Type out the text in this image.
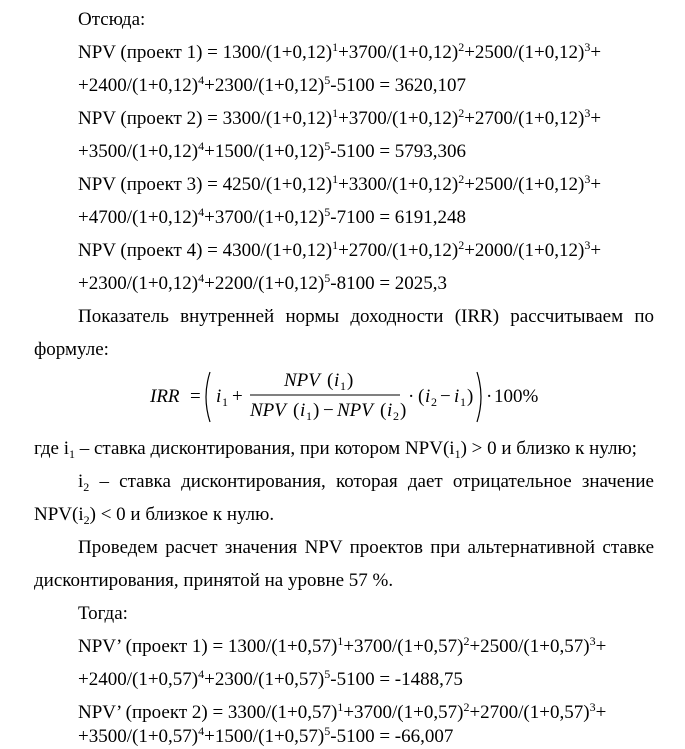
Отсюда:
NPV (проект $1) = 1300/(1+0,12)^1+3700/(1+0,12)^2+2500/(1+0,12)^3+$
$+2400/(1+0,12)^4+2300/(1+0,12)^5-5100 = 3620,107$
NPV (проект $2) = 3300/(1+0,12)^1+3700/(1+0,12)^2+2700/(1+0,12)^3+$
$+3500/(1+0,12)^4+1500/(1+0,12)^5-5100 = 5793,306$
NPV (проект $3) = 4250/(1+0,12)^1+3300/(1+0,12)^2+2500/(1+0,12)^3+$
$+4700/(1+0,12)^4+3700/(1+0,12)^5-7100 = 6191,248$
NPV (проект $4) = 4300/(1+0,12)^1+2700/(1+0,12)^2+2000/(1+0,12)^3+$
$+2300/(1+0,12)^4+2200/(1+0,12)^5-8100 = 2025,3$
Показатель внутренней нормы доходности (IRR) рассчитываем по
формуле:
IRR = i 1 +
NPV ( i 1 )
NPV ( i 1 ) − NPV ( i 2 )
· ( i 2 − i 1 ) · 100%
где $i_1$ – ставка дисконтирования, при котором $NPV(i_1) > 0$ и близко к нулю;
$i_2$ – ставка дисконтирования, которая дает отрицательное значение
$NPV(i_2) < 0$ и близкое к нулю.
Проведем расчет значения NPV проектов при альтернативной ставке
дисконтирования, принятой на уровне 57 %.
Тогда:
NPV’ (проект $1) = 1300/(1+0,57)^1+3700/(1+0,57)^2+2500/(1+0,57)^3+$
$+2400/(1+0,57)^4+2300/(1+0,57)^5-5100 = -1488,75$
NPV’ (проект $2) = 3300/(1+0,57)^1+3700/(1+0,57)^2+2700/(1+0,57)^3+$
$+3500/(1+0,57)^4+1500/(1+0,57)^5-5100 = -66,007$
